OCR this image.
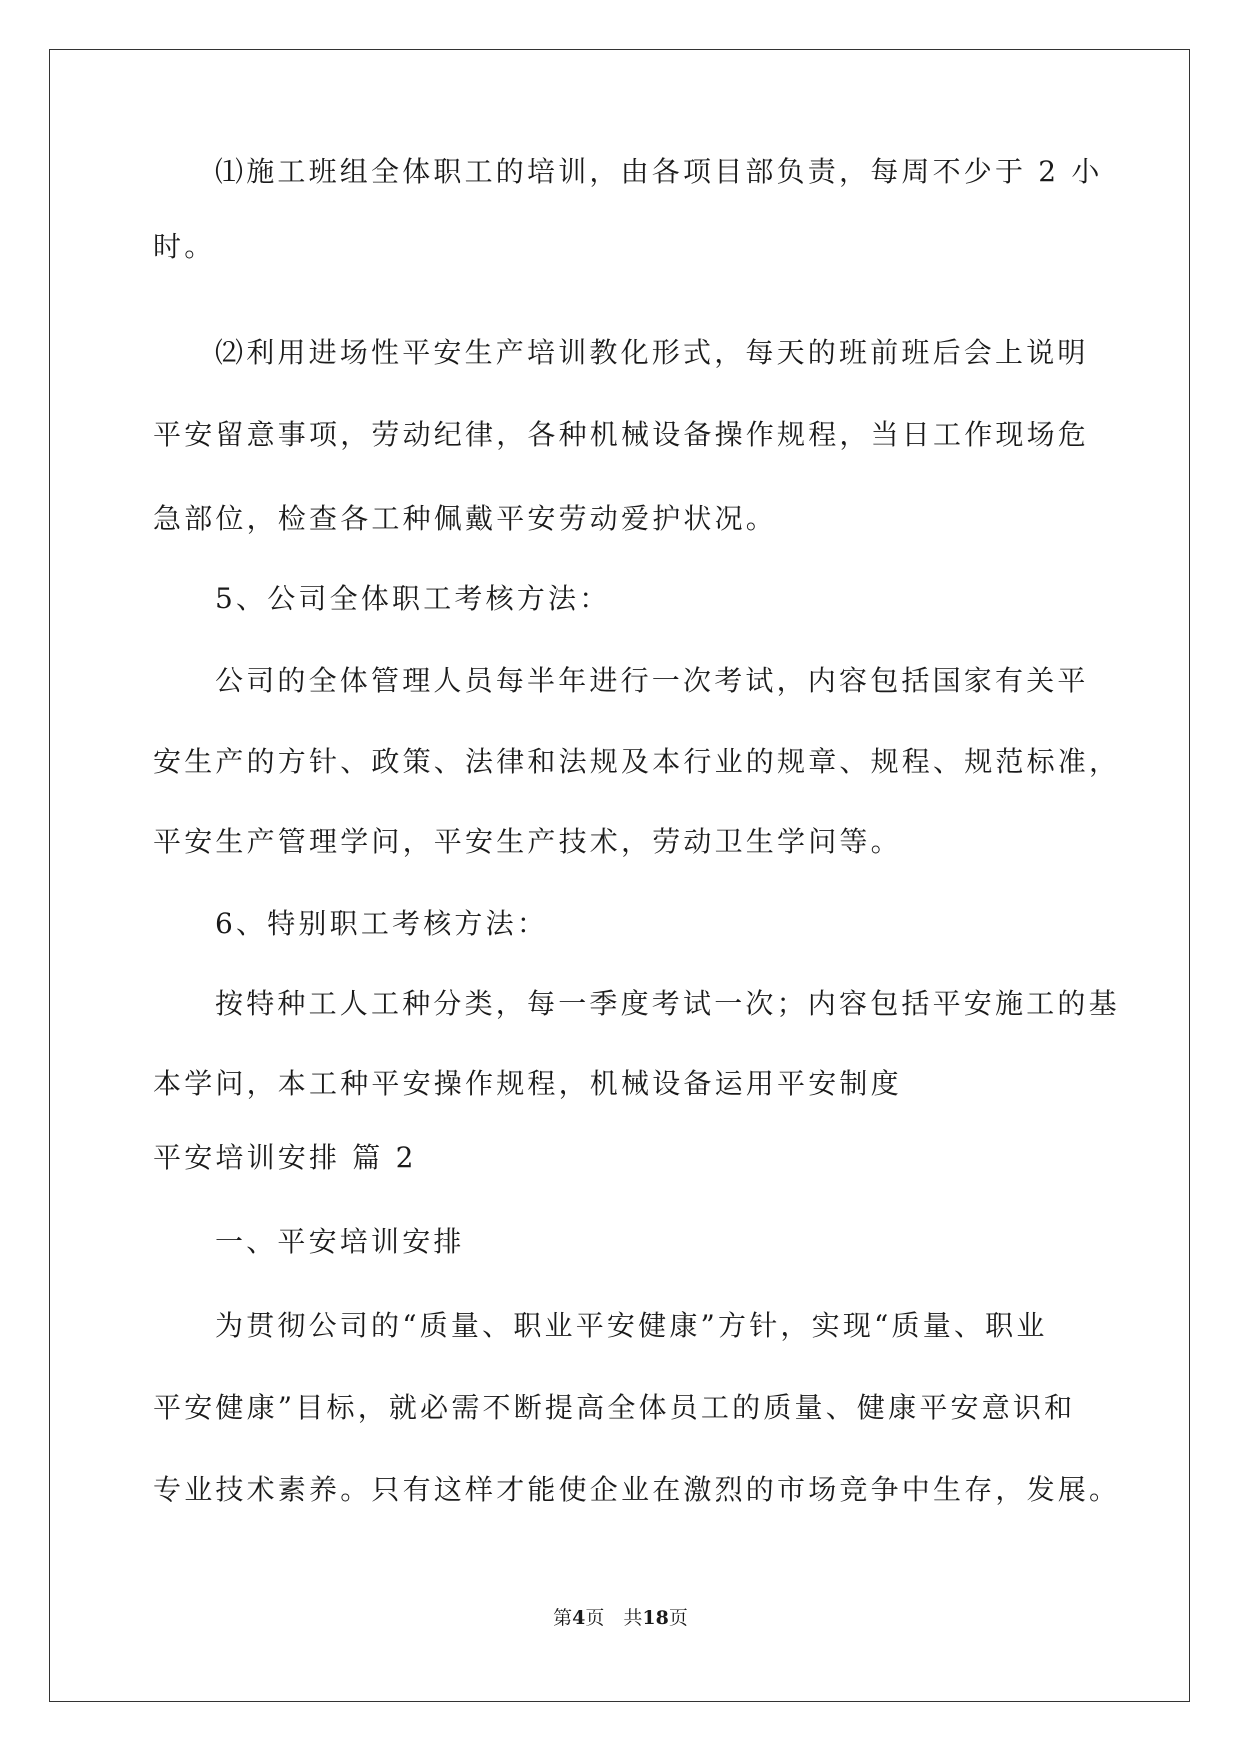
⑴施工班组全体职工的培训，由各项目部负责，每周不少于 2 小
时。
⑵利用进场性平安生产培训教化形式，每天的班前班后会上说明
平安留意事项，劳动纪律，各种机械设备操作规程，当日工作现场危
急部位，检查各工种佩戴平安劳动爱护状况。
5、公司全体职工考核方法：
公司的全体管理人员每半年进行一次考试，内容包括国家有关平
安生产的方针、政策、法律和法规及本行业的规章、规程、规范标准，
平安生产管理学问，平安生产技术，劳动卫生学问等。
6、特别职工考核方法：
按特种工人工种分类，每一季度考试一次；内容包括平安施工的基
本学问，本工种平安操作规程，机械设备运用平安制度
平安培训安排 篇 2
一、平安培训安排
为贯彻公司的“质量、职业平安健康”方针，实现“质量、职业
平安健康”目标，就必需不断提高全体员工的质量、健康平安意识和
专业技术素养。只有这样才能使企业在激烈的市场竞争中生存，发展。
第4页　共18页
